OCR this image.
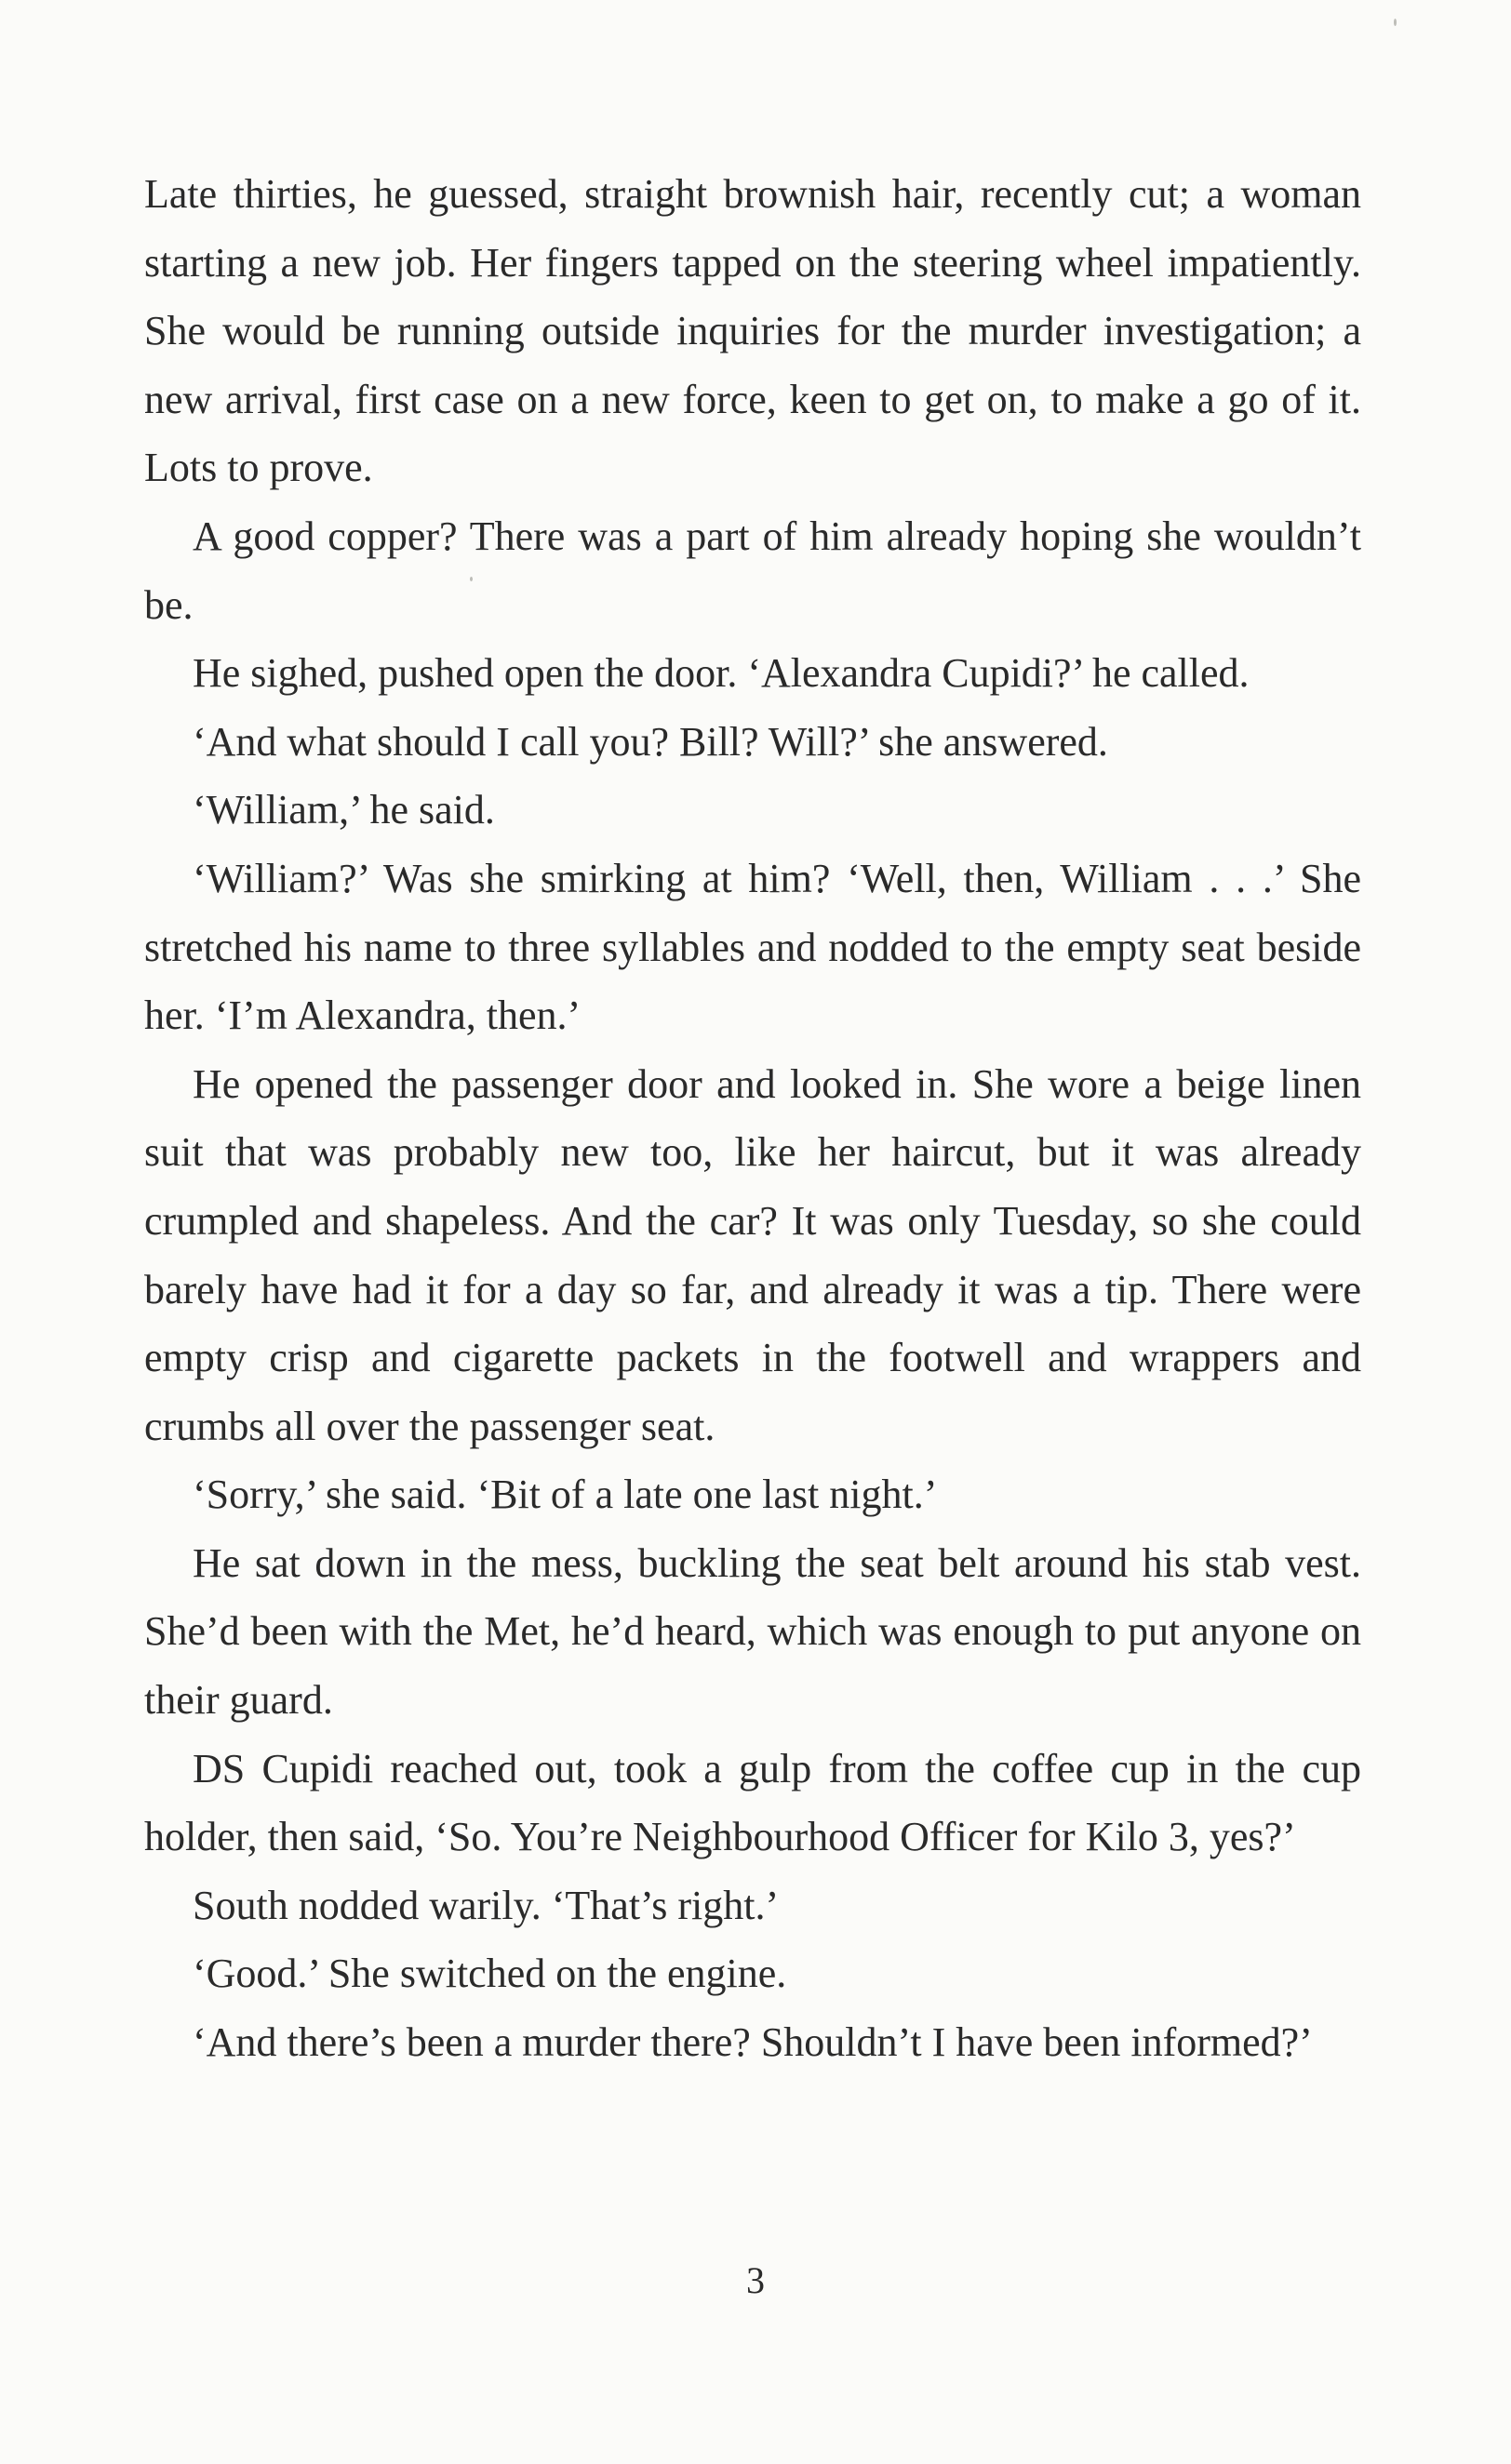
Late thirties, he guessed, straight brownish hair, recently cut; a woman starting a new job. Her fingers tapped on the steering wheel impatiently. She would be running outside inquiries for the murder investigation; a new arrival, first case on a new force, keen to get on, to make a go of it. Lots to prove.

A good copper? There was a part of him already hoping she wouldn’t be.

He sighed, pushed open the door. ‘Alexandra Cupidi?’ he called.

‘And what should I call you? Bill? Will?’ she answered.

‘William,’ he said.

‘William?’ Was she smirking at him? ‘Well, then, William . . .’ She stretched his name to three syllables and nodded to the empty seat beside her. ‘I’m Alexandra, then.’

He opened the passenger door and looked in. She wore a beige linen suit that was probably new too, like her haircut, but it was already crumpled and shapeless. And the car? It was only Tuesday, so she could barely have had it for a day so far, and already it was a tip. There were empty crisp and cigarette packets in the footwell and wrappers and crumbs all over the passenger seat.

‘Sorry,’ she said. ‘Bit of a late one last night.’

He sat down in the mess, buckling the seat belt around his stab vest. She’d been with the Met, he’d heard, which was enough to put anyone on their guard.

DS Cupidi reached out, took a gulp from the coffee cup in the cup holder, then said, ‘So. You’re Neighbourhood Officer for Kilo 3, yes?’

South nodded warily. ‘That’s right.’

‘Good.’ She switched on the engine.

‘And there’s been a murder there? Shouldn’t I have been informed?’

3
